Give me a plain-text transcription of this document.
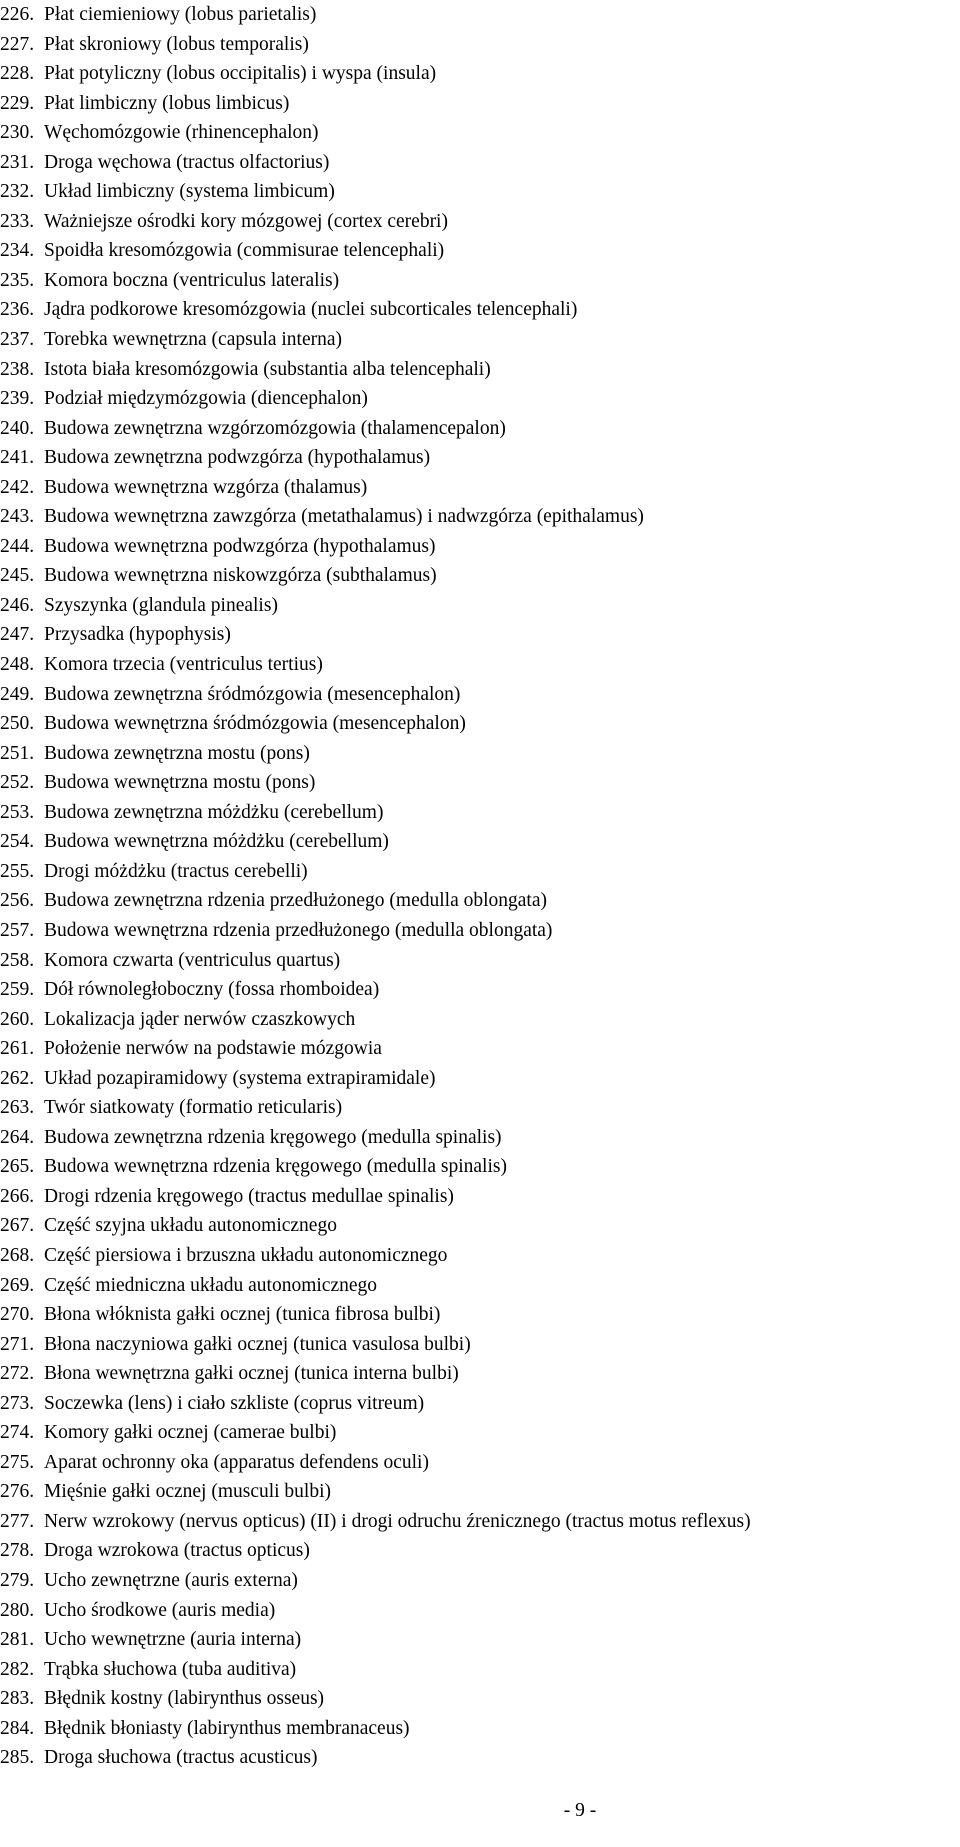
226. Płat ciemieniowy (lobus parietalis)
227. Płat skroniowy (lobus temporalis)
228. Płat potyliczny (lobus occipitalis) i wyspa (insula)
229. Płat limbiczny (lobus limbicus)
230. Węchomózgowie (rhinencephalon)
231. Droga węchowa (tractus olfactorius)
232. Układ limbiczny (systema limbicum)
233. Ważniejsze ośrodki kory mózgowej (cortex cerebri)
234. Spoidła kresomózgowia (commisurae telencephali)
235. Komora boczna (ventriculus lateralis)
236. Jądra podkorowe kresomózgowia (nuclei subcorticales telencephali)
237. Torebka wewnętrzna (capsula interna)
238. Istota biała kresomózgowia (substantia alba telencephali)
239. Podział międzymózgowia (diencephalon)
240. Budowa zewnętrzna wzgórzomózgowia (thalamencepalon)
241. Budowa zewnętrzna podwzgórza (hypothalamus)
242. Budowa wewnętrzna wzgórza (thalamus)
243. Budowa wewnętrzna zawzgórza (metathalamus) i nadwzgórza (epithalamus)
244. Budowa wewnętrzna podwzgórza (hypothalamus)
245. Budowa wewnętrzna niskowzgórza (subthalamus)
246. Szyszynka (glandula pinealis)
247. Przysadka (hypophysis)
248. Komora trzecia (ventriculus tertius)
249. Budowa zewnętrzna śródmózgowia (mesencephalon)
250. Budowa wewnętrzna śródmózgowia (mesencephalon)
251. Budowa zewnętrzna mostu (pons)
252. Budowa wewnętrzna mostu (pons)
253. Budowa zewnętrzna móżdżku (cerebellum)
254. Budowa wewnętrzna móżdżku (cerebellum)
255. Drogi móżdżku (tractus cerebelli)
256. Budowa zewnętrzna rdzenia przedłużonego (medulla oblongata)
257. Budowa wewnętrzna rdzenia przedłużonego (medulla oblongata)
258. Komora czwarta (ventriculus quartus)
259. Dół równoległoboczny (fossa rhomboidea)
260. Lokalizacja jąder nerwów czaszkowych
261. Położenie nerwów na podstawie mózgowia
262. Układ pozapiramidowy (systema extrapiramidale)
263. Twór siatkowaty (formatio reticularis)
264. Budowa zewnętrzna rdzenia kręgowego (medulla spinalis)
265. Budowa wewnętrzna rdzenia kręgowego (medulla spinalis)
266. Drogi rdzenia kręgowego (tractus medullae spinalis)
267. Część szyjna układu autonomicznego
268. Część piersiowa i brzuszna układu autonomicznego
269. Część miedniczna układu autonomicznego
270. Błona włóknista gałki ocznej (tunica fibrosa bulbi)
271. Błona naczyniowa gałki ocznej (tunica vasulosa bulbi)
272. Błona wewnętrzna gałki ocznej (tunica interna bulbi)
273. Soczewka (lens) i ciało szkliste (coprus vitreum)
274. Komory gałki ocznej (camerae bulbi)
275. Aparat ochronny oka (apparatus defendens oculi)
276. Mięśnie gałki ocznej (musculi bulbi)
277. Nerw wzrokowy (nervus opticus) (II) i drogi odruchu źrenicznego (tractus motus reflexus)
278. Droga wzrokowa (tractus opticus)
279. Ucho zewnętrzne (auris externa)
280. Ucho środkowe (auris media)
281. Ucho wewnętrzne (auria interna)
282. Trąbka słuchowa (tuba auditiva)
283. Błędnik kostny (labirynthus osseus)
284. Błędnik błoniasty (labirynthus membranaceus)
285. Droga słuchowa (tractus acusticus)
- 9 -
